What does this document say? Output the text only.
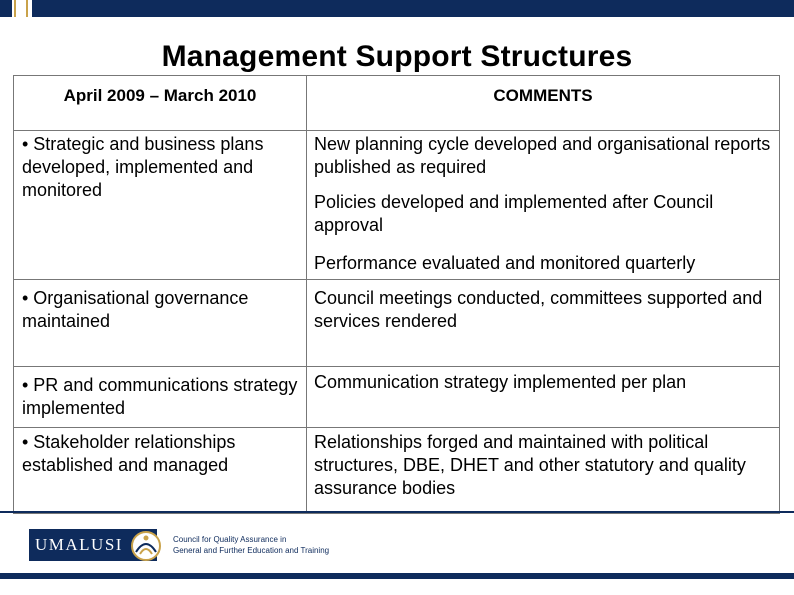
Management Support Structures
April 2009 – March 2010	COMMENTS

• Strategic and business plans developed, implemented and monitored	New planning cycle developed and organisational reports published as required

Policies developed and implemented after Council approval

Performance evaluated and monitored quarterly

• Organisational governance maintained	Council meetings conducted, committees supported and services rendered

• PR and communications strategy implemented	Communication strategy implemented per plan

• Stakeholder relationships established and managed	Relationships forged and maintained with political structures, DBE, DHET and other statutory and quality assurance bodies

UMALUSI	Council for Quality Assurance in
General and Further Education and Training
